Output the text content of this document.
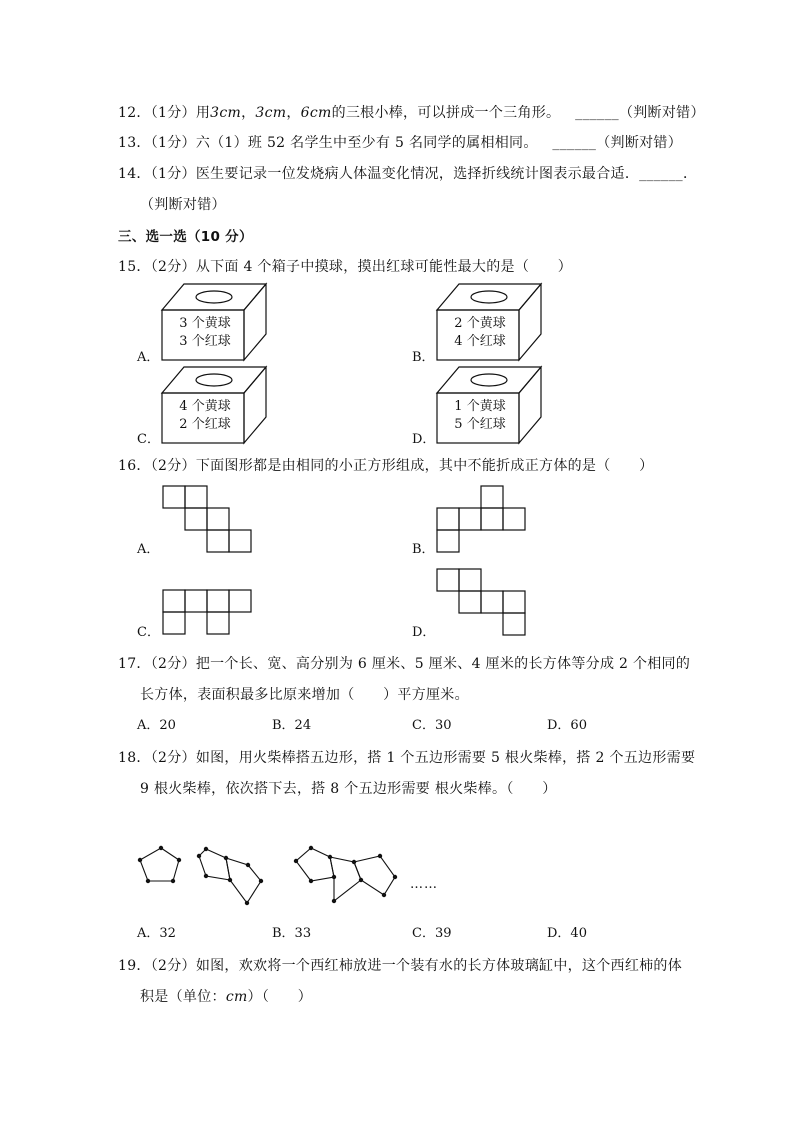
12．（1分）用3cm，3cm，6cm的三根小棒，可以拼成一个三角形。 ______（判断对错）
13．（1分）六（1）班 52 名学生中至少有 5 名同学的属相相同。 ______（判断对错）
14．（1分）医生要记录一位发烧病人体温变化情况，选择折线统计图表示最合适．______．
（判断对错）
三、选一选（10 分）
15．（2分）从下面 4 个箱子中摸球，摸出红球可能性最大的是（　　）
3 个黄球
3 个红球
A．
2 个黄球
4 个红球
B．
4 个黄球
2 个红球
C．
1 个黄球
5 个红球
D．
16．（2分）下面图形都是由相同的小正方形组成，其中不能折成正方体的是（　　）
A．	B．
C．	D．
17．（2分）把一个长、宽、高分别为 6 厘米、5 厘米、4 厘米的长方体等分成 2 个相同的
长方体，表面积最多比原来增加（　　）平方厘米。
A．20	B．24	C．30	D．60
18．（2分）如图，用火柴棒搭五边形，搭 1 个五边形需要 5 根火柴棒，搭 2 个五边形需要
9 根火柴棒，依次搭下去，搭 8 个五边形需要 根火柴棒。（　　）
……
A．32	B．33	C．39	D．40
19．（2分）如图，欢欢将一个西红柿放进一个装有水的长方体玻璃缸中，这个西红柿的体
积是（单位：cm）（　　）
